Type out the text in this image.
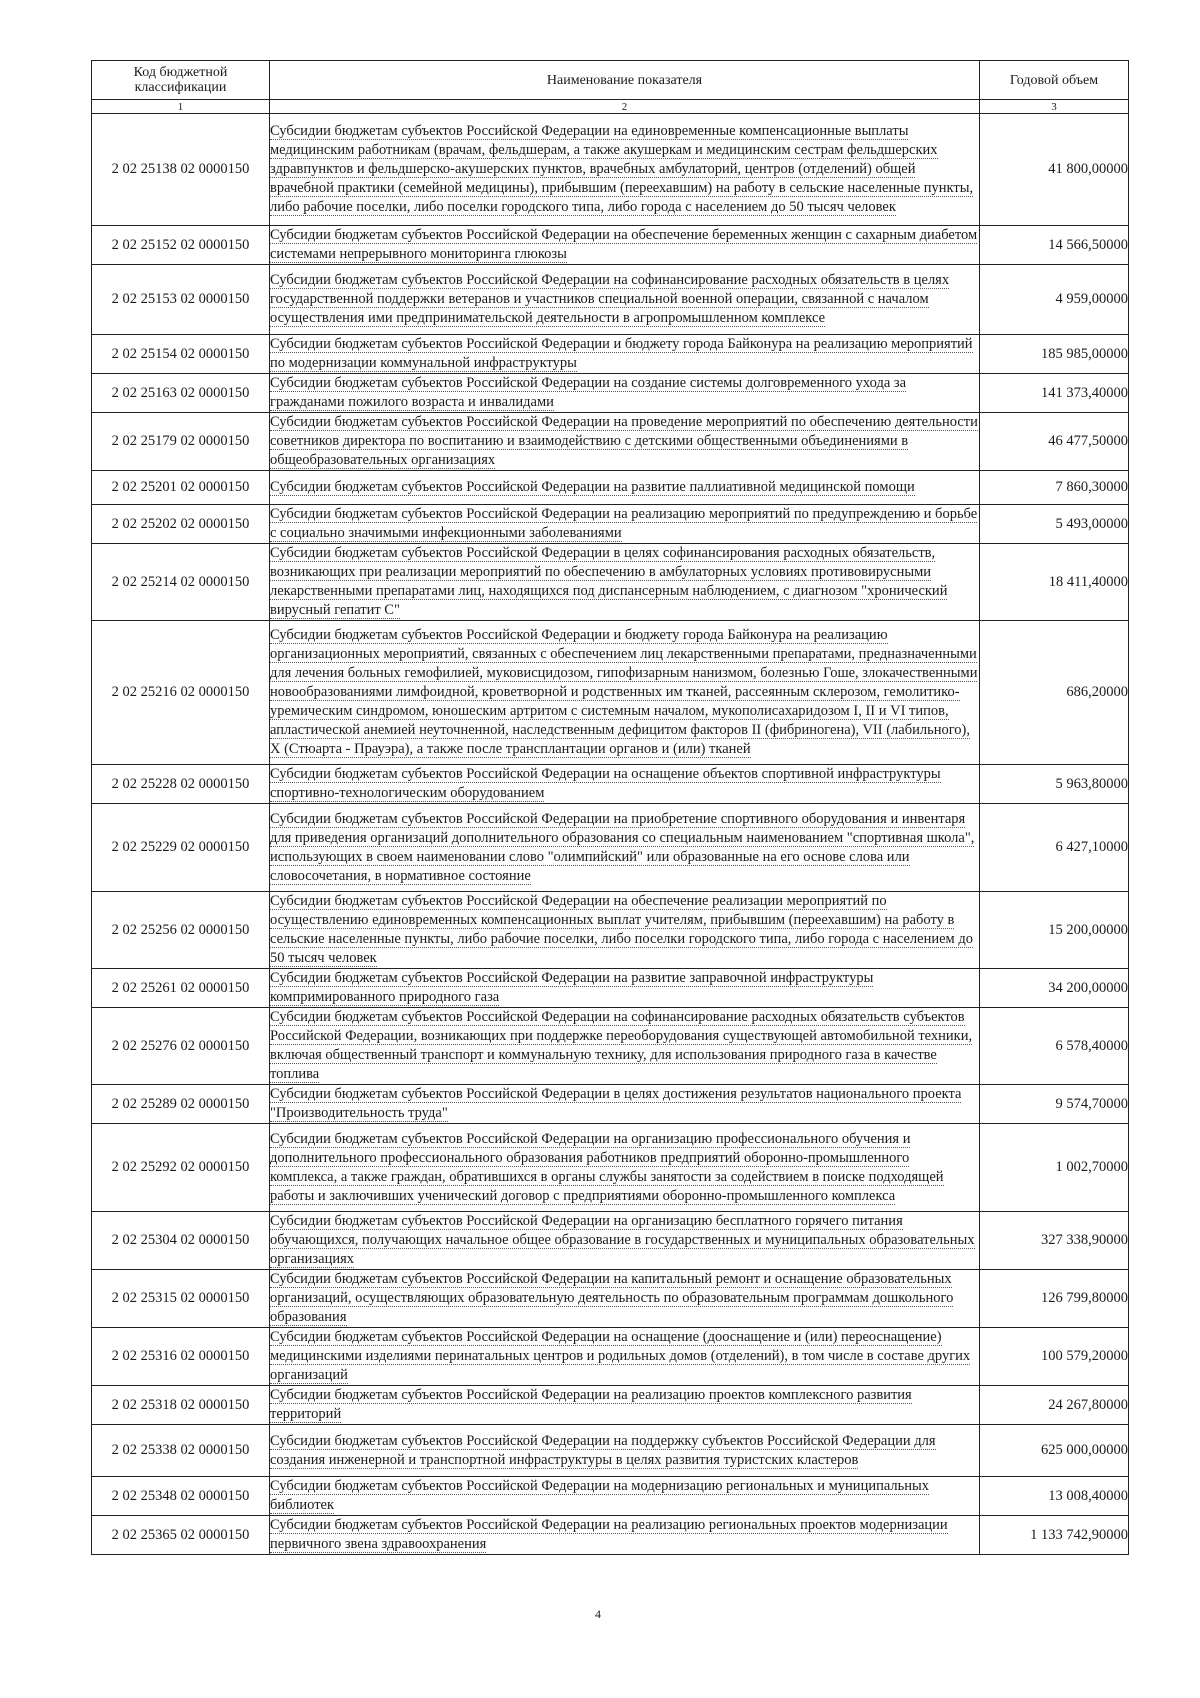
Код бюджетной классификации	Наименование показателя	Годовой объем
1	2	3
2 02 25138 02 0000150	Субсидии бюджетам субъектов Российской Федерации на единовременные компенсационные выплаты медицинским работникам (врачам, фельдшерам, а также акушеркам и медицинским сестрам фельдшерских здравпунктов и фельдшерско-акушерских пунктов, врачебных амбулаторий, центров (отделений) общей врачебной практики (семейной медицины), прибывшим (переехавшим) на работу в сельские населенные пункты, либо рабочие поселки, либо поселки городского типа, либо города с населением до 50 тысяч человек	41 800,00000
2 02 25152 02 0000150	Субсидии бюджетам субъектов Российской Федерации на обеспечение беременных женщин с сахарным диабетом системами непрерывного мониторинга глюкозы	14 566,50000
2 02 25153 02 0000150	Субсидии бюджетам субъектов Российской Федерации на софинансирование расходных обязательств в целях государственной поддержки ветеранов и участников специальной военной операции, связанной с началом осуществления ими предпринимательской деятельности в агропромышленном комплексе	4 959,00000
2 02 25154 02 0000150	Субсидии бюджетам субъектов Российской Федерации и бюджету города Байконура на реализацию мероприятий по модернизации коммунальной инфраструктуры	185 985,00000
2 02 25163 02 0000150	Субсидии бюджетам субъектов Российской Федерации на создание системы долговременного ухода за гражданами пожилого возраста и инвалидами	141 373,40000
2 02 25179 02 0000150	Субсидии бюджетам субъектов Российской Федерации на проведение мероприятий по обеспечению деятельности советников директора по воспитанию и взаимодействию с детскими общественными объединениями в общеобразовательных организациях	46 477,50000
2 02 25201 02 0000150	Субсидии бюджетам субъектов Российской Федерации на развитие паллиативной медицинской помощи	7 860,30000
2 02 25202 02 0000150	Субсидии бюджетам субъектов Российской Федерации на реализацию мероприятий по предупреждению и борьбе с социально значимыми инфекционными заболеваниями	5 493,00000
2 02 25214 02 0000150	Субсидии бюджетам субъектов Российской Федерации в целях софинансирования расходных обязательств, возникающих при реализации мероприятий по обеспечению в амбулаторных условиях противовирусными лекарственными препаратами лиц, находящихся под диспансерным наблюдением, с диагнозом "хронический вирусный гепатит С"	18 411,40000
2 02 25216 02 0000150	Субсидии бюджетам субъектов Российской Федерации и бюджету города Байконура на реализацию организационных мероприятий, связанных с обеспечением лиц лекарственными препаратами, предназначенными для лечения больных гемофилией, муковисцидозом, гипофизарным нанизмом, болезнью Гоше, злокачественными новообразованиями лимфоидной, кроветворной и родственных им тканей, рассеянным склерозом, гемолитико-уремическим синдромом, юношеским артритом с системным началом, мукополисахаридозом I, II и VI типов, апластической анемией неуточненной, наследственным дефицитом факторов II (фибриногена), VII (лабильного), X (Стюарта - Прауэра), а также после трансплантации органов и (или) тканей	686,20000
2 02 25228 02 0000150	Субсидии бюджетам субъектов Российской Федерации на оснащение объектов спортивной инфраструктуры спортивно-технологическим оборудованием	5 963,80000
2 02 25229 02 0000150	Субсидии бюджетам субъектов Российской Федерации на приобретение спортивного оборудования и инвентаря для приведения организаций дополнительного образования со специальным наименованием "спортивная школа", использующих в своем наименовании слово "олимпийский" или образованные на его основе слова или словосочетания, в нормативное состояние	6 427,10000
2 02 25256 02 0000150	Субсидии бюджетам субъектов Российской Федерации на обеспечение реализации мероприятий по осуществлению единовременных компенсационных выплат учителям, прибывшим (переехавшим) на работу в сельские населенные пункты, либо рабочие поселки, либо поселки городского типа, либо города с населением до 50 тысяч человек	15 200,00000
2 02 25261 02 0000150	Субсидии бюджетам субъектов Российской Федерации на развитие заправочной инфраструктуры компримированного природного газа	34 200,00000
2 02 25276 02 0000150	Субсидии бюджетам субъектов Российской Федерации на софинансирование расходных обязательств субъектов Российской Федерации, возникающих при поддержке переоборудования существующей автомобильной техники, включая общественный транспорт и коммунальную технику, для использования природного газа в качестве топлива	6 578,40000
2 02 25289 02 0000150	Субсидии бюджетам субъектов Российской Федерации в целях достижения результатов национального проекта "Производительность труда"	9 574,70000
2 02 25292 02 0000150	Субсидии бюджетам субъектов Российской Федерации на организацию профессионального обучения и дополнительного профессионального образования работников предприятий оборонно-промышленного комплекса, а также граждан, обратившихся в органы службы занятости за содействием в поиске подходящей работы и заключивших ученический договор с предприятиями оборонно-промышленного комплекса	1 002,70000
2 02 25304 02 0000150	Субсидии бюджетам субъектов Российской Федерации на организацию бесплатного горячего питания обучающихся, получающих начальное общее образование в государственных и муниципальных образовательных организациях	327 338,90000
2 02 25315 02 0000150	Субсидии бюджетам субъектов Российской Федерации на капитальный ремонт и оснащение образовательных организаций, осуществляющих образовательную деятельность по образовательным программам дошкольного образования	126 799,80000
2 02 25316 02 0000150	Субсидии бюджетам субъектов Российской Федерации на оснащение (дооснащение и (или) переоснащение) медицинскими изделиями перинатальных центров и родильных домов (отделений), в том числе в составе других организаций	100 579,20000
2 02 25318 02 0000150	Субсидии бюджетам субъектов Российской Федерации на реализацию проектов комплексного развития территорий	24 267,80000
2 02 25338 02 0000150	Субсидии бюджетам субъектов Российской Федерации на поддержку субъектов Российской Федерации для создания инженерной и транспортной инфраструктуры в целях развития туристских кластеров	625 000,00000
2 02 25348 02 0000150	Субсидии бюджетам субъектов Российской Федерации на модернизацию региональных и муниципальных библиотек	13 008,40000
2 02 25365 02 0000150	Субсидии бюджетам субъектов Российской Федерации на реализацию региональных проектов модернизации первичного звена здравоохранения	1 133 742,90000
4
